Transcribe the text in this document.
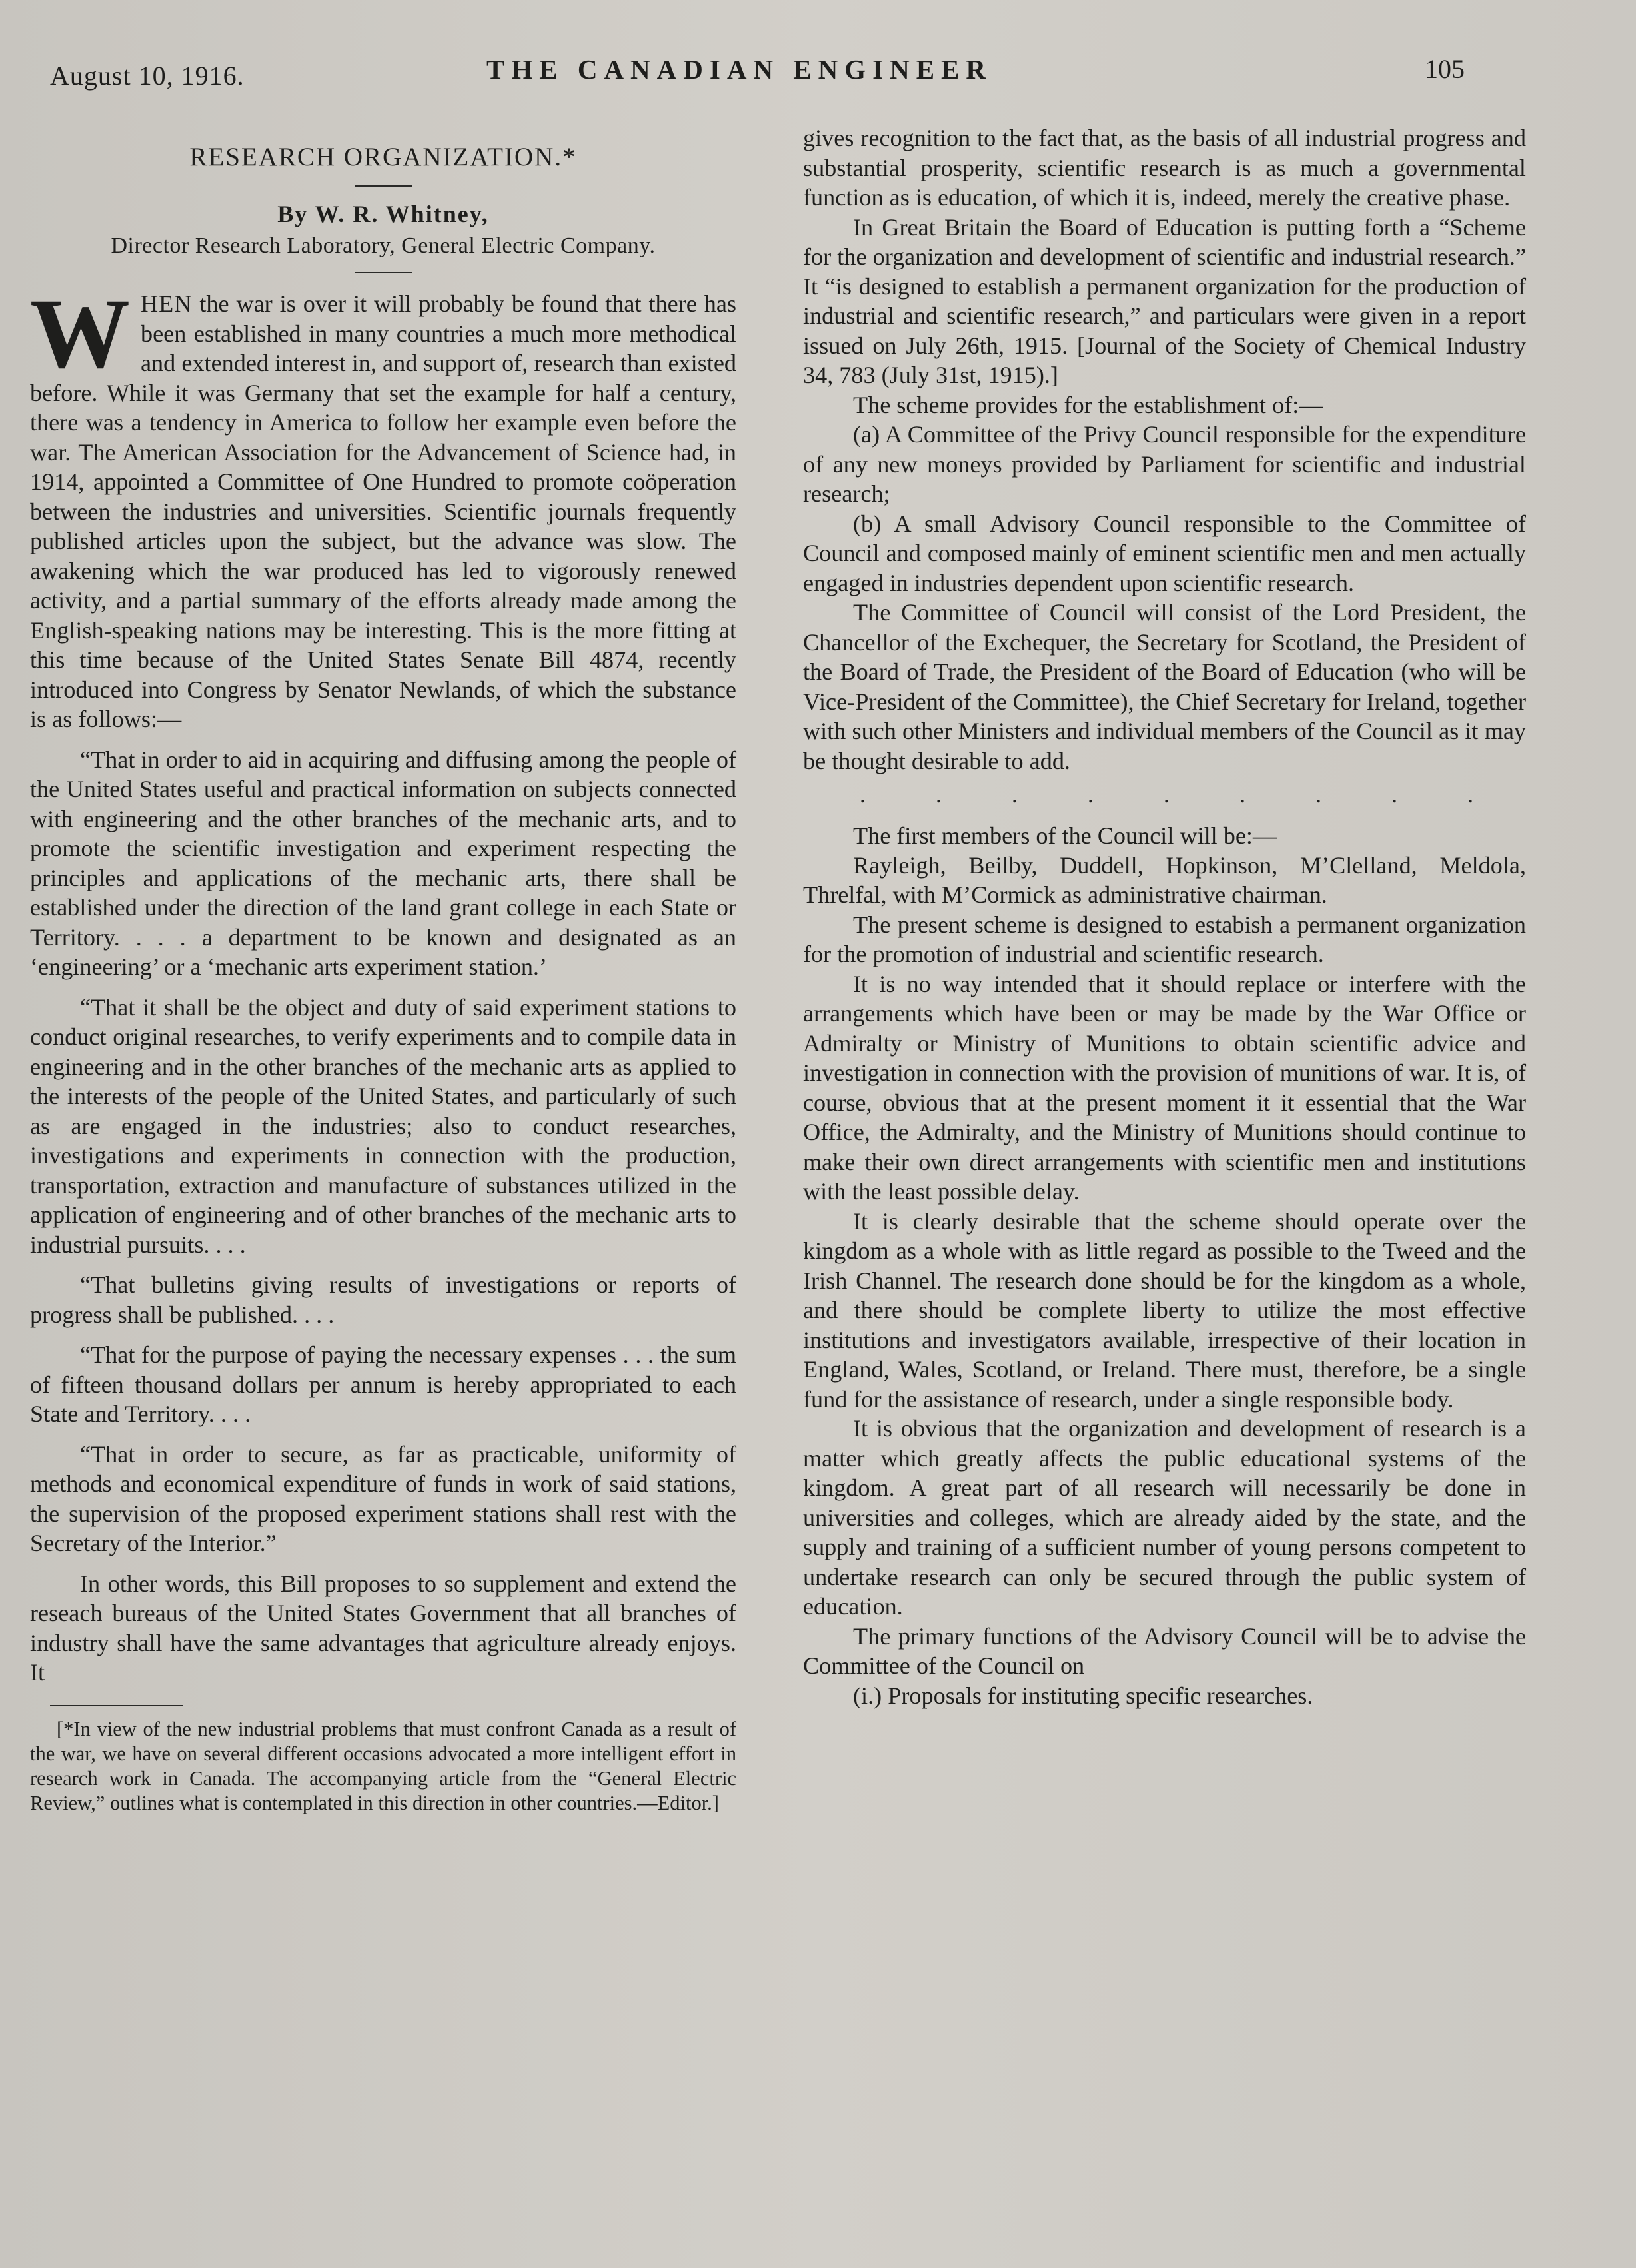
August 10, 1916.	THE CANADIAN ENGINEER	105
RESEARCH ORGANIZATION.*
By W. R. Whitney,
Director Research Laboratory, General Electric Company.

WHEN the war is over it will probably be found that there has been established in many countries a much more methodical and extended interest in, and support of, research than existed before. While it was Germany that set the example for half a century, there was a tendency in America to follow her example even before the war. The American Association for the Advancement of Science had, in 1914, appointed a Committee of One Hundred to promote coöperation between the industries and universities. Scientific journals frequently published articles upon the subject, but the advance was slow. The awakening which the war produced has led to vigorously renewed activity, and a partial summary of the efforts already made among the English-speaking nations may be interesting. This is the more fitting at this time because of the United States Senate Bill 4874, recently introduced into Congress by Senator Newlands, of which the substance is as follows:—

“That in order to aid in acquiring and diffusing among the people of the United States useful and practical information on subjects connected with engineering and the other branches of the mechanic arts, and to promote the scientific investigation and experiment respecting the principles and applications of the mechanic arts, there shall be established under the direction of the land grant college in each State or Territory. . . . a department to be known and designated as an ‘engineering’ or a ‘mechanic arts experiment station.’

“That it shall be the object and duty of said experiment stations to conduct original researches, to verify experiments and to compile data in engineering and in the other branches of the mechanic arts as applied to the interests of the people of the United States, and particularly of such as are engaged in the industries; also to conduct researches, investigations and experiments in connection with the production, transportation, extraction and manufacture of substances utilized in the application of engineering and of other branches of the mechanic arts to industrial pursuits. . . .

“That bulletins giving results of investigations or reports of progress shall be published. . . .

“That for the purpose of paying the necessary expenses . . . the sum of fifteen thousand dollars per annum is hereby appropriated to each State and Territory. . . .

“That in order to secure, as far as practicable, uniformity of methods and economical expenditure of funds in work of said stations, the supervision of the proposed experiment stations shall rest with the Secretary of the Interior.”

In other words, this Bill proposes to so supplement and extend the reseach bureaus of the United States Government that all branches of industry shall have the same advantages that agriculture already enjoys. It

[*In view of the new industrial problems that must confront Canada as a result of the war, we have on several different occasions advocated a more intelligent effort in research work in Canada. The accompanying article from the “General Electric Review,” outlines what is contemplated in this direction in other countries.—Editor.]

gives recognition to the fact that, as the basis of all industrial progress and substantial prosperity, scientific research is as much a governmental function as is education, of which it is, indeed, merely the creative phase.

In Great Britain the Board of Education is putting forth a “Scheme for the organization and development of scientific and industrial research.” It “is designed to establish a permanent organization for the production of industrial and scientific research,” and particulars were given in a report issued on July 26th, 1915. [Journal of the Society of Chemical Industry 34, 783 (July 31st, 1915).]

The scheme provides for the establishment of:—

(a) A Committee of the Privy Council responsible for the expenditure of any new moneys provided by Parliament for scientific and industrial research;

(b) A small Advisory Council responsible to the Committee of Council and composed mainly of eminent scientific men and men actually engaged in industries dependent upon scientific research.

The Committee of Council will consist of the Lord President, the Chancellor of the Exchequer, the Secretary for Scotland, the President of the Board of Trade, the President of the Board of Education (who will be Vice-President of the Committee), the Chief Secretary for Ireland, together with such other Ministers and individual members of the Council as it may be thought desirable to add.

. . . . . . . . .

The first members of the Council will be:—

Rayleigh, Beilby, Duddell, Hopkinson, M’Clelland, Meldola, Threlfal, with M’Cormick as administrative chairman.

The present scheme is designed to estabish a permanent organization for the promotion of industrial and scientific research.

It is no way intended that it should replace or interfere with the arrangements which have been or may be made by the War Office or Admiralty or Ministry of Munitions to obtain scientific advice and investigation in connection with the provision of munitions of war. It is, of course, obvious that at the present moment it it essential that the War Office, the Admiralty, and the Ministry of Munitions should continue to make their own direct arrangements with scientific men and institutions with the least possible delay.

It is clearly desirable that the scheme should operate over the kingdom as a whole with as little regard as possible to the Tweed and the Irish Channel. The research done should be for the kingdom as a whole, and there should be complete liberty to utilize the most effective institutions and investigators available, irrespective of their location in England, Wales, Scotland, or Ireland. There must, therefore, be a single fund for the assistance of research, under a single responsible body.

It is obvious that the organization and development of research is a matter which greatly affects the public educational systems of the kingdom. A great part of all research will necessarily be done in universities and colleges, which are already aided by the state, and the supply and training of a sufficient number of young persons competent to undertake research can only be secured through the public system of education.

The primary functions of the Advisory Council will be to advise the Committee of the Council on

(i.) Proposals for instituting specific researches.
